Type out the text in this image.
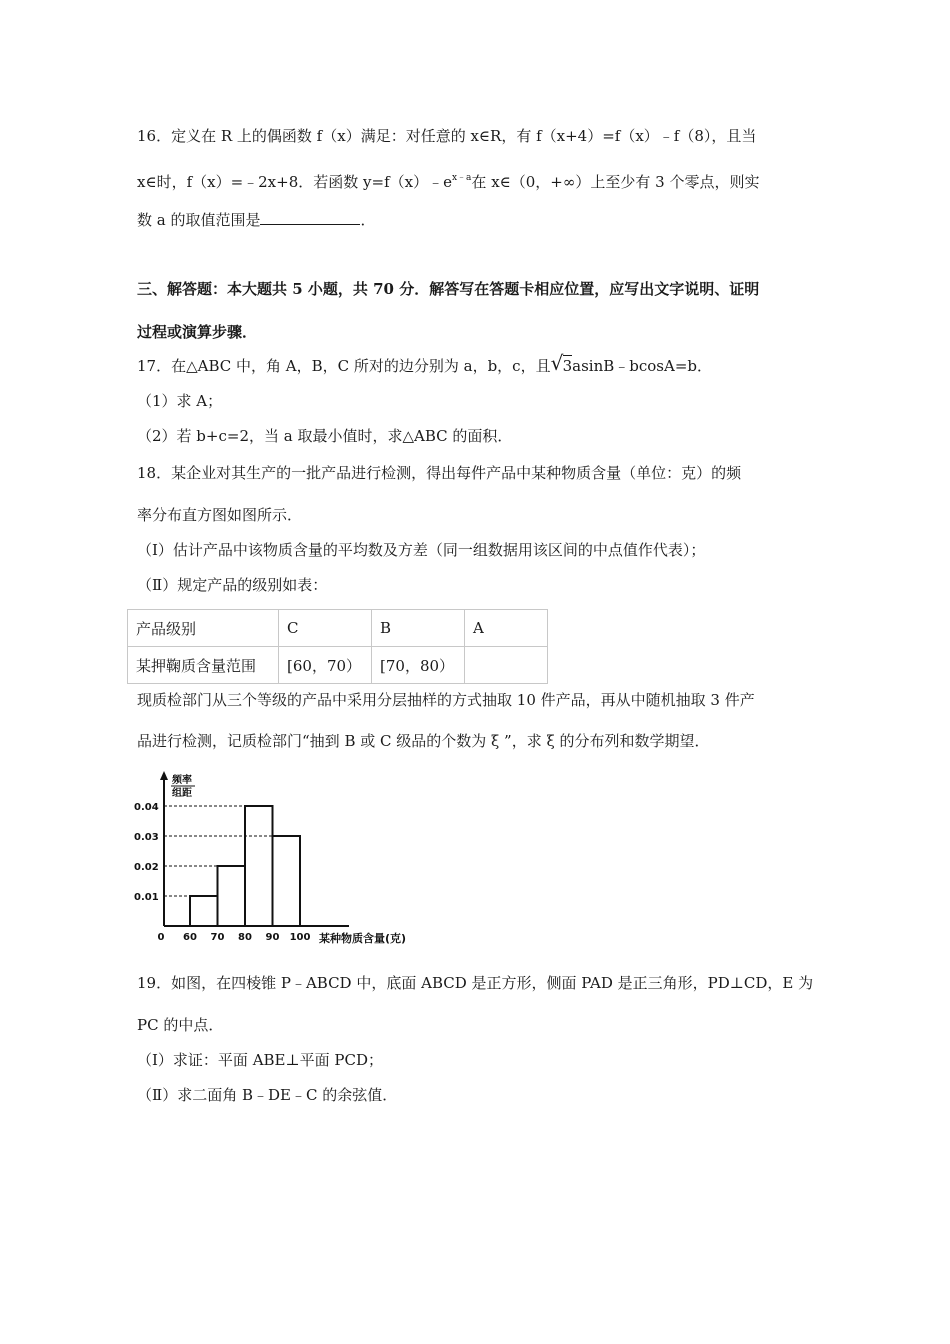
16．定义在 R 上的偶函数 f（x）满足：对任意的 x∈R，有 f（x+4）=f（x）﹣f（8），且当
x∈时，f（x）=﹣2x+8．若函数 $y=f(x)﹣e^{x﹣a}$在 x∈（0，+∞）上至少有 3 个零点，则实
数 a 的取值范围是	．
三、解答题：本大题共 5 小题，共 70 分．解答写在答题卡相应位置，应写出文字说明、证明
过程或演算步骤．
17．在△ABC 中，角 A，B，C 所对的边分别为 a，b，c，且 √ 3asinB﹣bcosA=b．
（1）求 A；
（2）若 b+c=2，当 a 取最小值时，求△ABC 的面积．
18．某企业对其生产的一批产品进行检测，得出每件产品中某种物质含量（单位：克）的频
率分布直方图如图所示．
（Ⅰ）估计产品中该物质含量的平均数及方差（同一组数据用该区间的中点值作代表）；
（Ⅱ）规定产品的级别如表：
产品级别	C	B	A
某押鞠质含量范围	[60，70）	[70，80）	
现质检部门从三个等级的产品中采用分层抽样的方式抽取 10 件产品，再从中随机抽取 3 件产
品进行检测，记质检部门“抽到 B 或 C 级品的个数为 ξ ”，求 ξ 的分布列和数学期望．
频率
组距
0.04
0.03
0.02
0.01
0 60 70 80 90 100 某种物质含量(克)
19．如图，在四棱锥 P﹣ABCD 中，底面 ABCD 是正方形，侧面 PAD 是正三角形，PD⊥CD，E 为
PC 的中点．
（Ⅰ）求证：平面 ABE⊥平面 PCD；
（Ⅱ）求二面角 B﹣DE﹣C 的余弦值．
